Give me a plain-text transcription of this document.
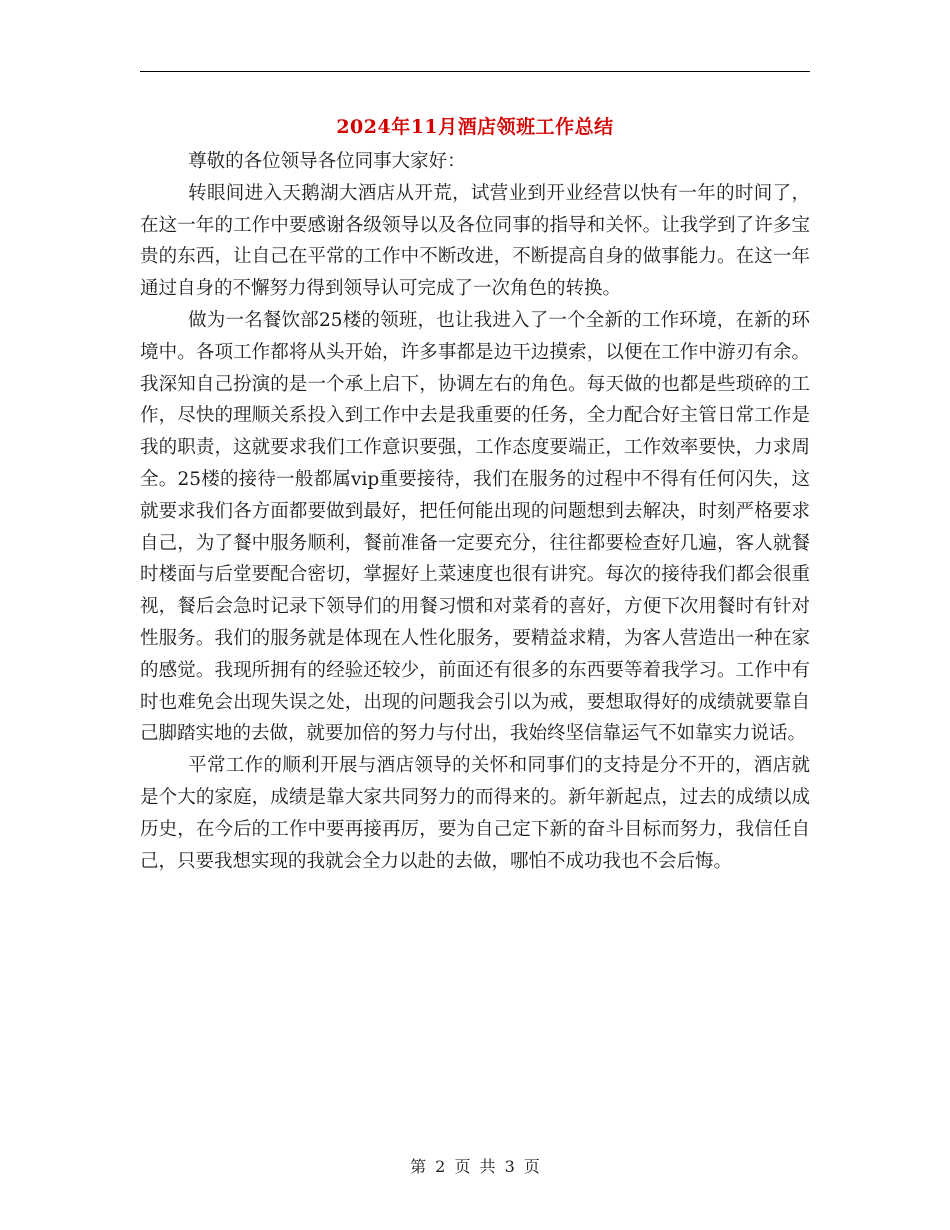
2024年11月酒店领班工作总结

尊敬的各位领导各位同事大家好：

转眼间进入天鹅湖大酒店从开荒，试营业到开业经营以快有一年的时间了，在这一年的工作中要感谢各级领导以及各位同事的指导和关怀。让我学到了许多宝贵的东西，让自己在平常的工作中不断改进，不断提高自身的做事能力。在这一年通过自身的不懈努力得到领导认可完成了一次角色的转换。

做为一名餐饮部25楼的领班，也让我进入了一个全新的工作环境，在新的环境中。各项工作都将从头开始，许多事都是边干边摸索，以便在工作中游刃有余。我深知自己扮演的是一个承上启下，协调左右的角色。每天做的也都是些琐碎的工作，尽快的理顺关系投入到工作中去是我重要的任务，全力配合好主管日常工作是我的职责，这就要求我们工作意识要强，工作态度要端正，工作效率要快，力求周全。25楼的接待一般都属vip重要接待，我们在服务的过程中不得有任何闪失，这就要求我们各方面都要做到最好，把任何能出现的问题想到去解决，时刻严格要求自己，为了餐中服务顺利，餐前准备一定要充分，往往都要检查好几遍，客人就餐时楼面与后堂要配合密切，掌握好上菜速度也很有讲究。每次的接待我们都会很重视，餐后会急时记录下领导们的用餐习惯和对菜肴的喜好，方便下次用餐时有针对性服务。我们的服务就是体现在人性化服务，要精益求精，为客人营造出一种在家的感觉。我现所拥有的经验还较少，前面还有很多的东西要等着我学习。工作中有时也难免会出现失误之处，出现的问题我会引以为戒，要想取得好的成绩就要靠自己脚踏实地的去做，就要加倍的努力与付出，我始终坚信靠运气不如靠实力说话。

平常工作的顺利开展与酒店领导的关怀和同事们的支持是分不开的，酒店就是个大的家庭，成绩是靠大家共同努力的而得来的。新年新起点，过去的成绩以成历史，在今后的工作中要再接再厉，要为自己定下新的奋斗目标而努力，我信任自己，只要我想实现的我就会全力以赴的去做，哪怕不成功我也不会后悔。

第 2 页 共 3 页
